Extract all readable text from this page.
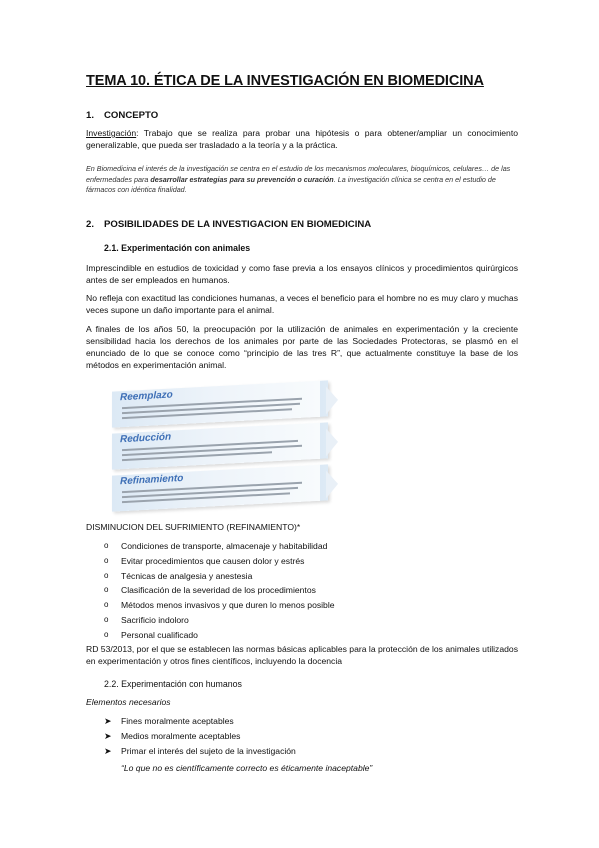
TEMA 10. ÉTICA DE LA INVESTIGACIÓN EN BIOMEDICINA
1. CONCEPTO
Investigación: Trabajo que se realiza para probar una hipótesis o para obtener/ampliar un conocimiento generalizable, que pueda ser trasladado a la teoría y a la práctica.
En Biomedicina el interés de la investigación se centra en el estudio de los mecanismos moleculares, bioquímicos, celulares… de las enfermedades para desarrollar estrategias para su prevención o curación. La investigación clínica se centra en el estudio de fármacos con idéntica finalidad.
2. POSIBILIDADES DE LA INVESTIGACION EN BIOMEDICINA
2.1. Experimentación con animales
Imprescindible en estudios de toxicidad y como fase previa a los ensayos clínicos y procedimientos quirúrgicos antes de ser empleados en humanos.
No refleja con exactitud las condiciones humanas, a veces el beneficio para el hombre no es muy claro y muchas veces supone un daño importante para el animal.
A finales de los años 50, la preocupación por la utilización de animales en experimentación y la creciente sensibilidad hacia los derechos de los animales por parte de las Sociedades Protectoras, se plasmó en el enunciado de lo que se conoce como “principio de las tres R”, que actualmente constituye la base de los métodos en experimentación animal.
Reemplazo
Reducción
Refinamiento
DISMINUCION DEL SUFRIMIENTO (REFINAMIENTO)*
o Condiciones de transporte, almacenaje y habitabilidad
o Evitar procedimientos que causen dolor y estrés
o Técnicas de analgesia y anestesia
o Clasificación de la severidad de los procedimientos
o Métodos menos invasivos y que duren lo menos posible
o Sacrificio indoloro
o Personal cualificado
RD 53/2013, por el que se establecen las normas básicas aplicables para la protección de los animales utilizados en experimentación y otros fines científicos, incluyendo la docencia
2.2. Experimentación con humanos
Elementos necesarios
➤ Fines moralmente aceptables
➤ Medios moralmente aceptables
➤ Primar el interés del sujeto de la investigación
“Lo que no es científicamente correcto es éticamente inaceptable”
